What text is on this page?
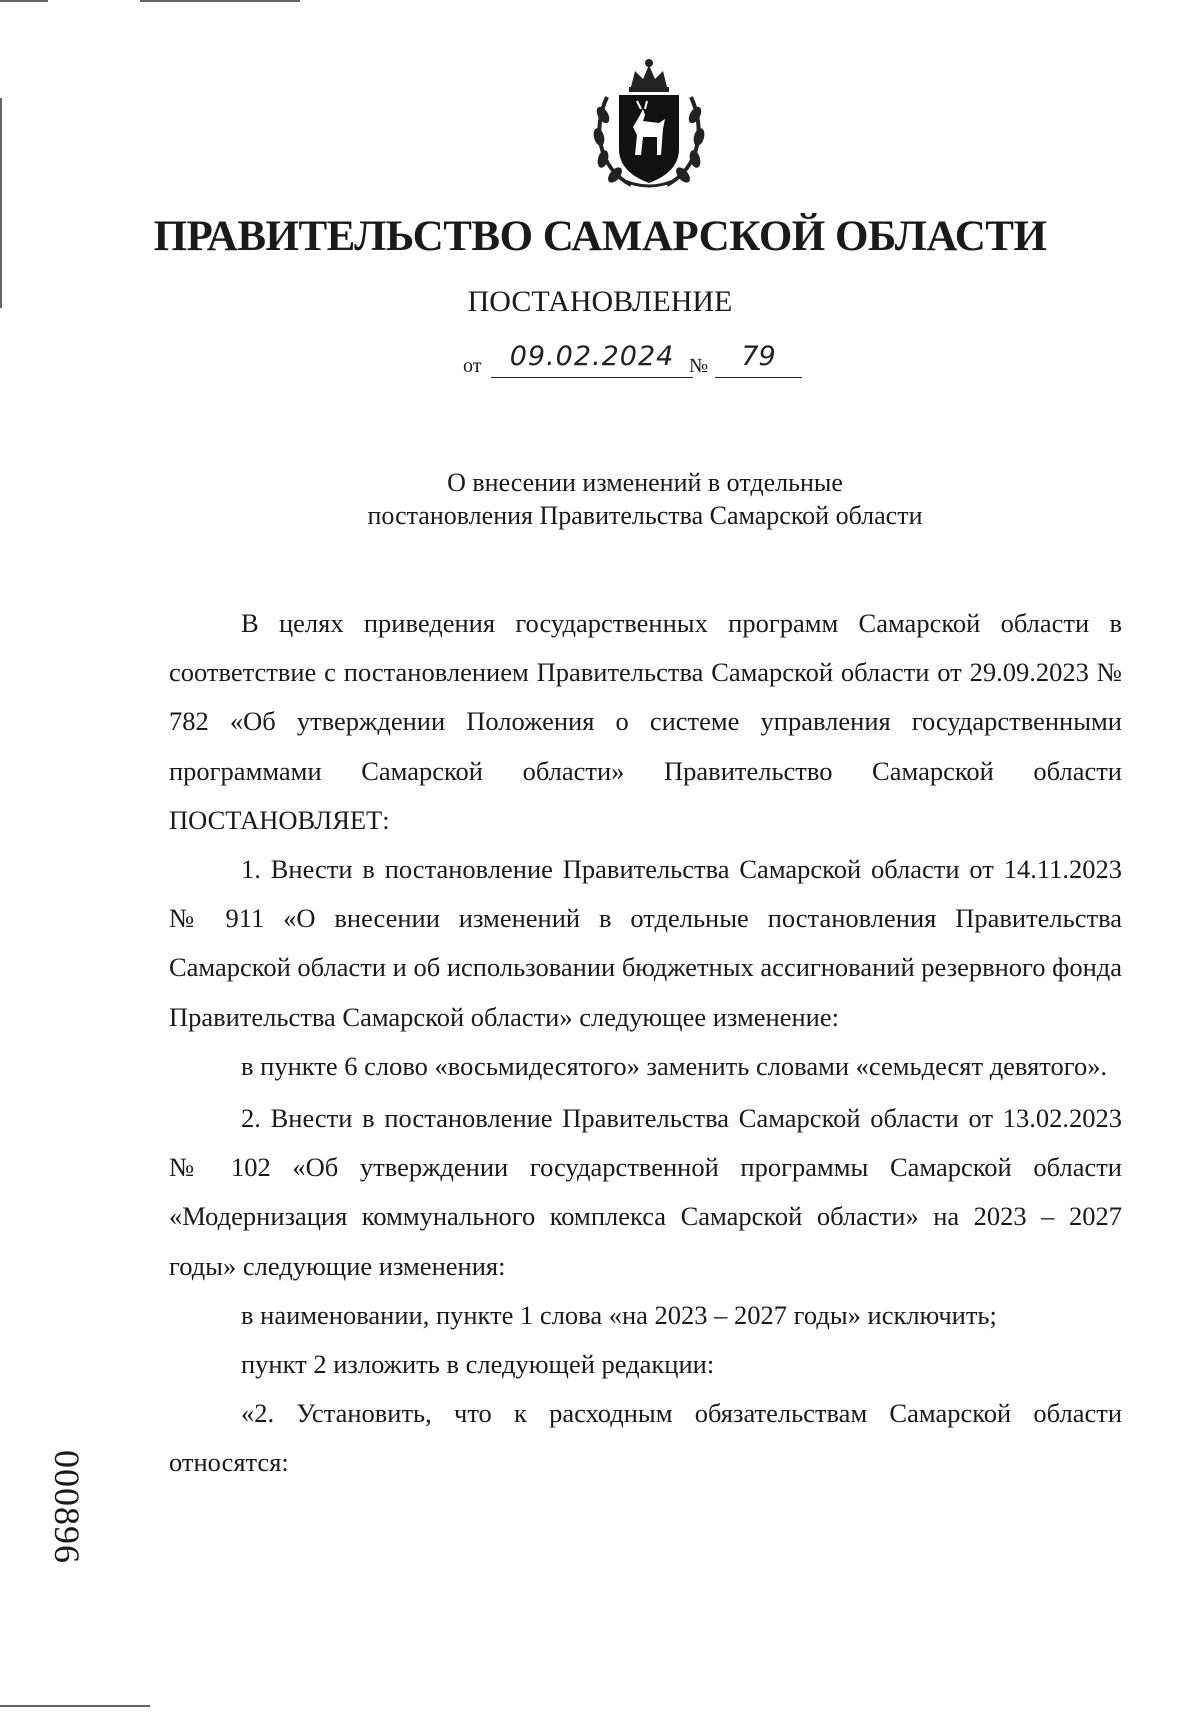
ПРАВИТЕЛЬСТВО САМАРСКОЙ ОБЛАСТИ
ПОСТАНОВЛЕНИЕ
от	09.02.2024 №	79
О внесении изменений в отдельные
постановления Правительства Самарской области

В целях приведения государственных программ Самарской области в соответствие с постановлением Правительства Самарской области от 29.09.2023 № 782 «Об утверждении Положения о системе управления государственными программами Самарской области» Правительство Самарской области ПОСТАНОВЛЯЕТ:

1. Внести в постановление Правительства Самарской области от 14.11.2023 № 911 «О внесении изменений в отдельные постановления Правительства Самарской области и об использовании бюджетных ассигнований резервного фонда Правительства Самарской области» следующее изменение:

в пункте 6 слово «восьмидесятого» заменить словами «семьдесят девятого».

2. Внести в постановление Правительства Самарской области от 13.02.2023 № 102 «Об утверждении государственной программы Самарской области «Модернизация коммунального комплекса Самарской области» на 2023 – 2027 годы» следующие изменения:

в наименовании, пункте 1 слова «на 2023 – 2027 годы» исключить;

пункт 2 изложить в следующей редакции:

«2. Установить, что к расходным обязательствам Самарской области относятся:

000896
